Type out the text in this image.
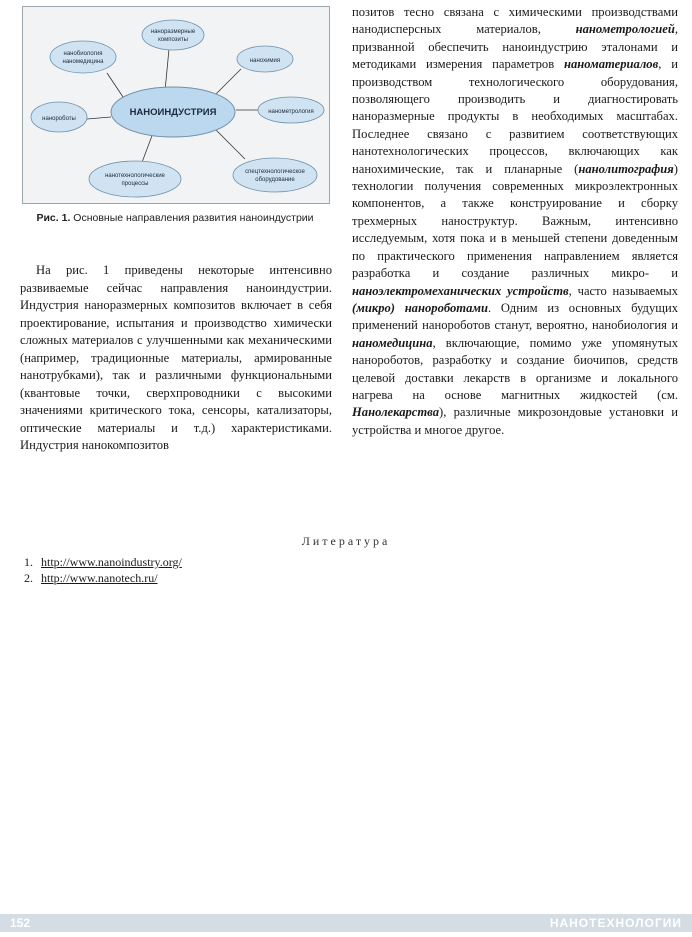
НАНОИНДУСТРИЯ
наноразмерные
композиты
нанохимия
нанометрология
спецтехнологическое
оборудование
нанотехнологические
процессы
нанороботы
нанобиология
наномедицина
Рис. 1. Основные направления развития наноиндустрии
На рис. 1 приведены некоторые интенсивно развиваемые сейчас направления наноиндустрии. Индустрия наноразмерных композитов включает в себя проектирование, испытания и производство химически сложных материалов с улучшенными как механическими (например, традиционные материалы, армированные нанотрубками), так и различными функциональными (квантовые точки, сверхпроводники с высокими значениями критического тока, сенсоры, катализаторы, оптические материалы и т.д.) характеристиками. Индустрия нанокомпозитов
позитов тесно связана с химическими производствами нанодисперсных материалов, нанометрологией, призванной обеспечить наноиндустрию эталонами и методиками измерения параметров наноматериалов, и производством технологического оборудования, позволяющего производить и диагностировать наноразмерные продукты в необходимых масштабах. Последнее связано с развитием соответствующих нанотехнологических процессов, включающих как нанохимические, так и планарные (нанолитография) технологии получения современных микроэлектронных компонентов, а также конструирование и сборку трехмерных наноструктур. Важным, интенсивно исследуемым, хотя пока и в меньшей степени доведенным по практического применения направлением является разработка и создание различных микро- и наноэлектромеханических устройств, часто называемых (микро) нанороботами. Одним из основных будущих применений нанороботов станут, вероятно, нанобиология и наномедицина, включающие, помимо уже упомянутых нанороботов, разработку и создание биочипов, средств целевой доставки лекарств в организме и локального нагрева на основе магнитных жидкостей (см. Нанолекарства), различные микрозондовые установки и устройства и многое другое.
Литература
1. http://www.nanoindustry.org/
2. http://www.nanotech.ru/
152	НАНОТЕХНОЛОГИИ
